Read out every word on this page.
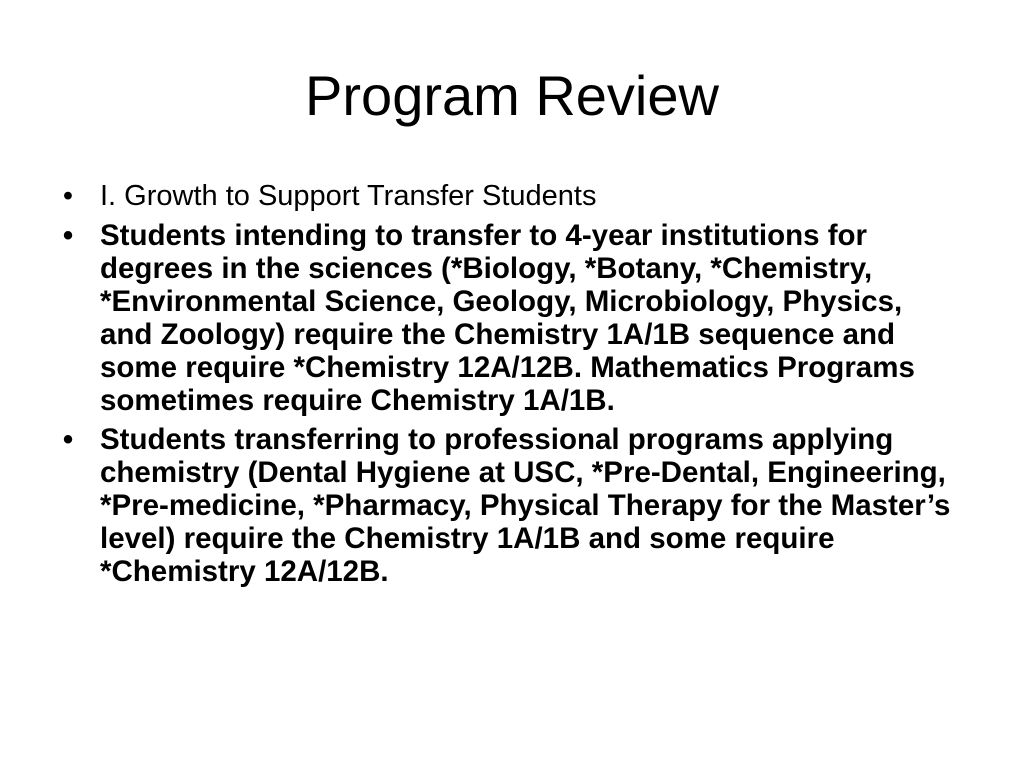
Program Review
• I. Growth to Support Transfer Students
• Students intending to transfer to 4-year institutions for degrees in the sciences (*Biology, *Botany, *Chemistry, *Environmental Science, Geology, Microbiology, Physics, and Zoology) require the Chemistry 1A/1B sequence and some require *Chemistry 12A/12B. Mathematics Programs sometimes require Chemistry 1A/1B.
• Students transferring to professional programs applying chemistry (Dental Hygiene at USC, *Pre-Dental, Engineering, *Pre-medicine, *Pharmacy, Physical Therapy for the Master’s level) require the Chemistry 1A/1B and some require *Chemistry 12A/12B.
